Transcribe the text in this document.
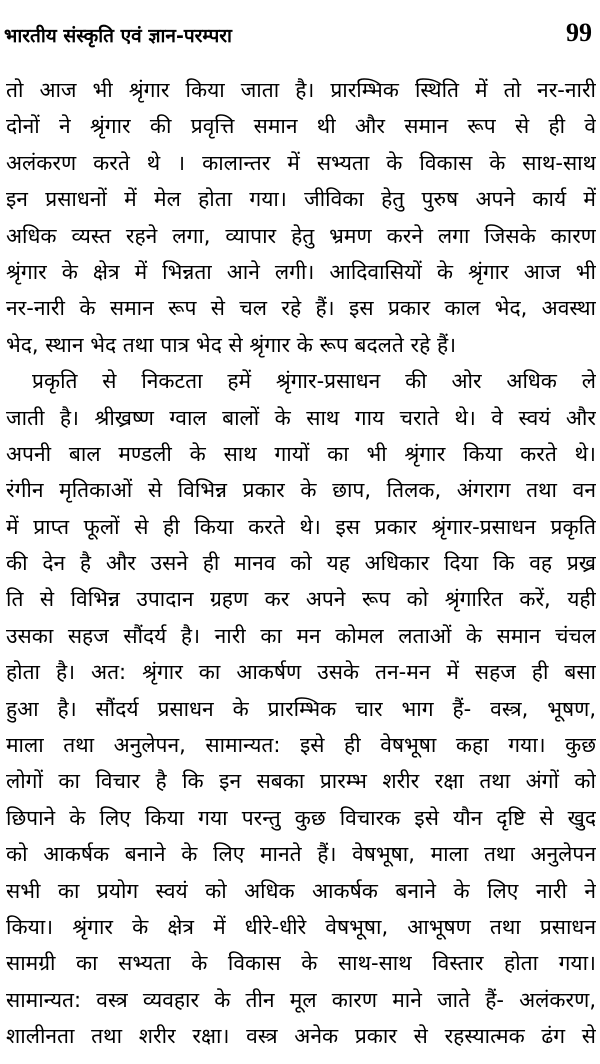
भारतीय संस्कृति एवं ज्ञान-परम्परा	99
तो आज भी श्रृंगार किया जाता है। प्रारम्भिक स्थिति में तो नर-नारी
दोनों ने श्रृंगार की प्रवृत्ति समान थी और समान रूप से ही वे
अलंकरण करते थे । कालान्तर में सभ्यता के विकास के साथ-साथ
इन प्रसाधनों में मेल होता गया। जीविका हेतु पुरुष अपने कार्य में
अधिक व्यस्त रहने लगा, व्यापार हेतु भ्रमण करने लगा जिसके कारण
श्रृंगार के क्षेत्र में भिन्नता आने लगी। आदिवासियों के श्रृंगार आज भी
नर-नारी के समान रूप से चल रहे हैं। इस प्रकार काल भेद, अवस्था
भेद, स्थान भेद तथा पात्र भेद से श्रृंगार के रूप बदलते रहे हैं।
प्रकृति से निकटता हमें श्रृंगार-प्रसाधन की ओर अधिक ले
जाती है। श्रीख्रष्ण ग्वाल बालों के साथ गाय चराते थे। वे स्वयं और
अपनी बाल मण्डली के साथ गायों का भी श्रृंगार किया करते थे।
रंगीन मृतिकाओं से विभिन्न प्रकार के छाप, तिलक, अंगराग तथा वन
में प्राप्त फूलों से ही किया करते थे। इस प्रकार श्रृंगार-प्रसाधन प्रकृति
की देन है और उसने ही मानव को यह अधिकार दिया कि वह प्रख्र
ति से विभिन्न उपादान ग्रहण कर अपने रूप को श्रृंगारित करें, यही
उसका सहज सौंदर्य है। नारी का मन कोमल लताओं के समान चंचल
होता है। अत: श्रृंगार का आकर्षण उसके तन-मन में सहज ही बसा
हुआ है। सौंदर्य प्रसाधन के प्रारम्भिक चार भाग हैं- वस्त्र, भूषण,
माला तथा अनुलेपन, सामान्यत: इसे ही वेषभूषा कहा गया। कुछ
लोगों का विचार है कि इन सबका प्रारम्भ शरीर रक्षा तथा अंगों को
छिपाने के लिए किया गया परन्तु कुछ विचारक इसे यौन दृष्टि से खुद
को आकर्षक बनाने के लिए मानते हैं। वेषभूषा, माला तथा अनुलेपन
सभी का प्रयोग स्वयं को अधिक आकर्षक बनाने के लिए नारी ने
किया। श्रृंगार के क्षेत्र में धीरे-धीरे वेषभूषा, आभूषण तथा प्रसाधन
सामग्री का सभ्यता के विकास के साथ-साथ विस्तार होता गया।
सामान्यत: वस्त्र व्यवहार के तीन मूल कारण माने जाते हैं- अलंकरण,
शालीनता तथा शरीर रक्षा। वस्त्र अनेक प्रकार से रहस्यात्मक ढंग से
